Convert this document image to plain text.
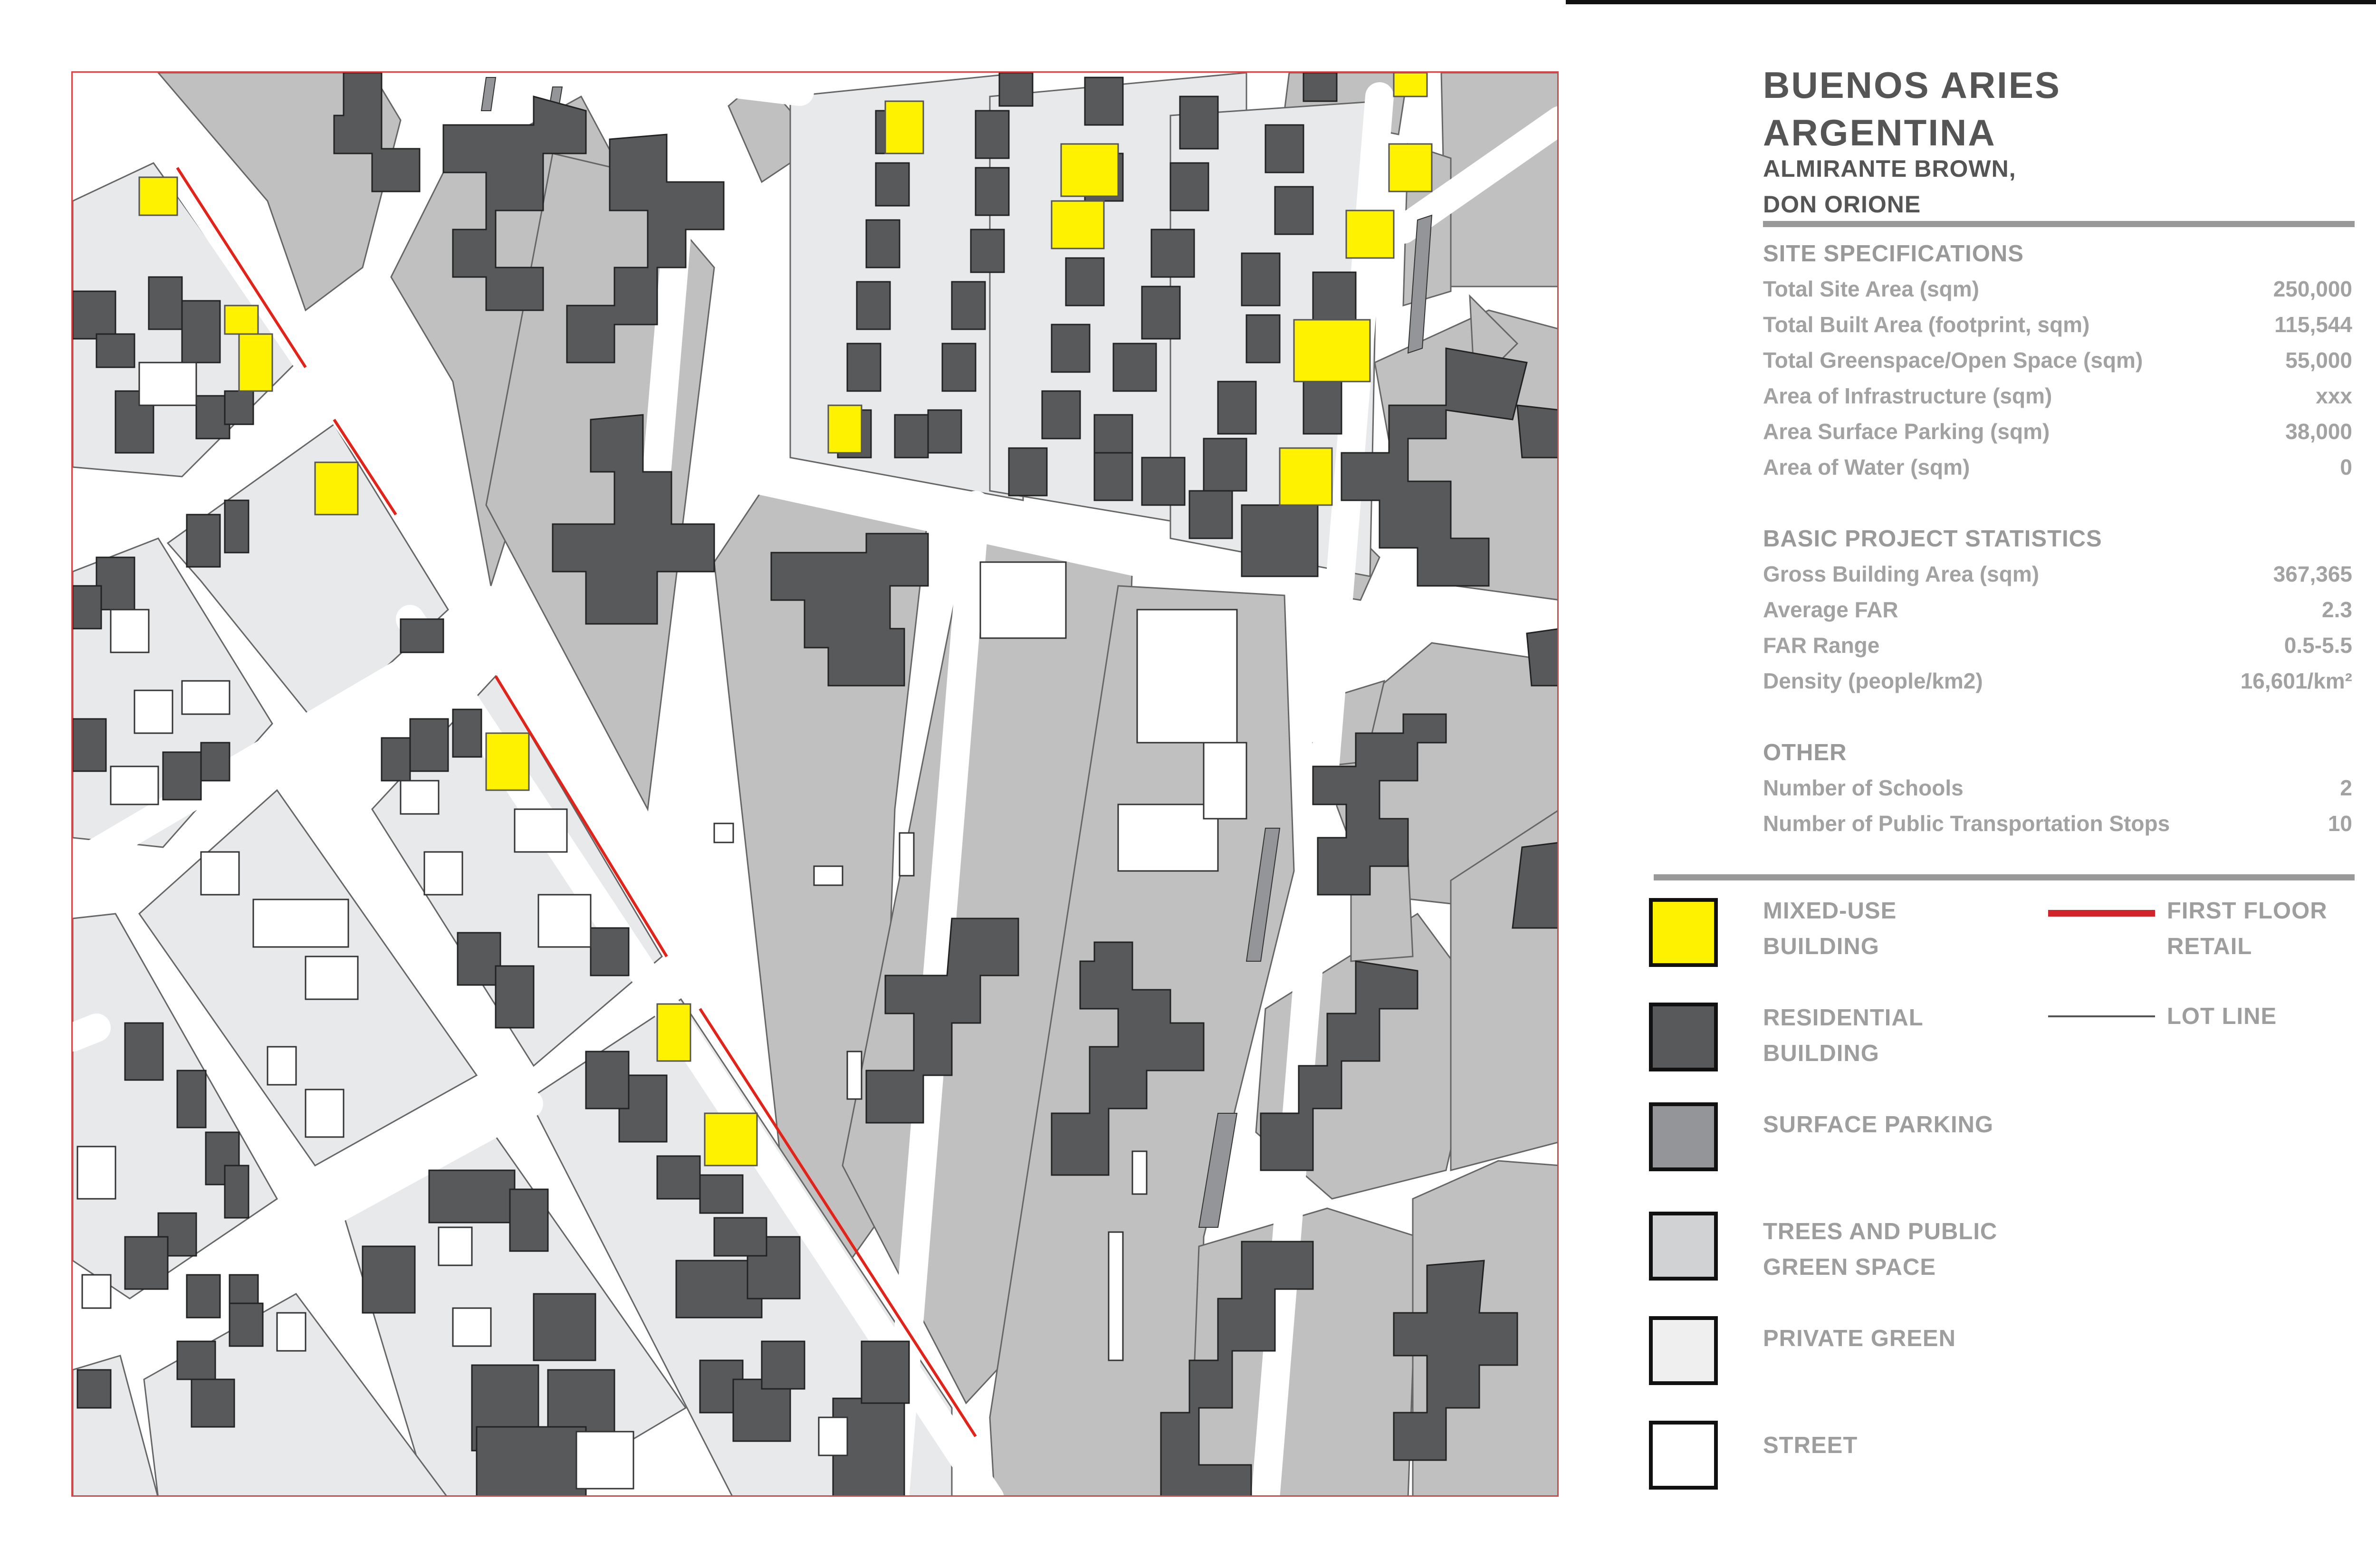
BUENOS ARIES
ARGENTINA
ALMIRANTE BROWN,
DON ORIONE
SITE SPECIFICATIONS
Total Site Area (sqm)	250,000
Total Built Area (footprint, sqm)	115,544
Total Greenspace/Open Space (sqm)	55,000
Area of Infrastructure (sqm)	xxx
Area Surface Parking (sqm)	38,000
Area of Water (sqm)	0
BASIC PROJECT STATISTICS
Gross Building Area (sqm)	367,365
Average FAR	2.3
FAR Range	0.5-5.5
Density (people/km2)	16,601/km²
OTHER
Number of Schools	2
Number of Public Transportation Stops	10
MIXED-USE
BUILDING
RESIDENTIAL
BUILDING
SURFACE PARKING
TREES AND PUBLIC
GREEN SPACE
PRIVATE GREEN
STREET
FIRST FLOOR
RETAIL
LOT LINE
